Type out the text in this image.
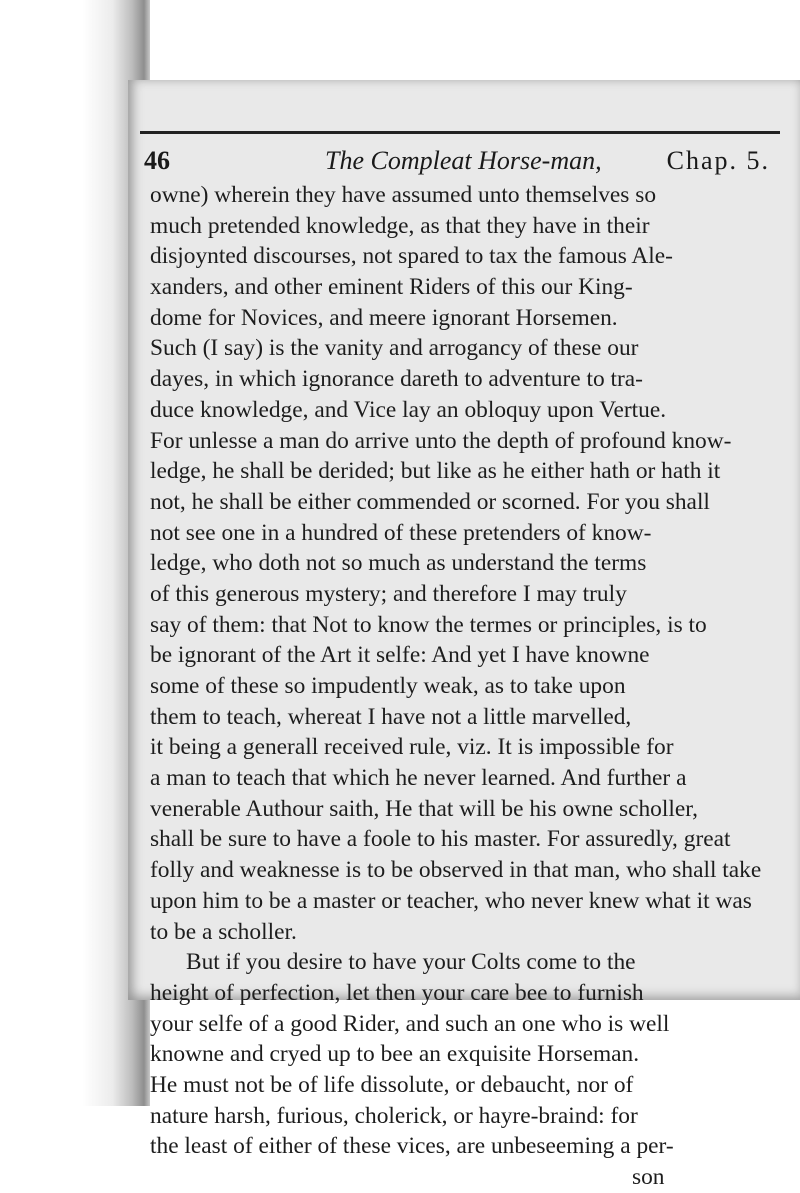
46	The Compleat Horse-man,	Chap. 5.
owne) wherein they have assumed unto themselves so
much pretended knowledge, as that they have in their
disjoynted discourses, not spared to tax the famous Ale-
xanders, and other eminent Riders of this our King-
dome for Novices, and meere ignorant Horsemen.
Such (I say) is the vanity and arrogancy of these our
dayes, in which ignorance dareth to adventure to tra-
duce knowledge, and Vice lay an obloquy upon Vertue.
For unlesse a man do arrive unto the depth of profound know-
ledge, he shall be derided; but like as he either hath or hath it
not, he shall be either commended or scorned. For you shall
not see one in a hundred of these pretenders of know-
ledge, who doth not so much as understand the terms
of this generous mystery; and therefore I may truly
say of them: that Not to know the termes or principles, is to
be ignorant of the Art it selfe: And yet I have knowne
some of these so impudently weak, as to take upon
them to teach, whereat I have not a little marvelled,
it being a generall received rule, viz. It is impossible for
a man to teach that which he never learned. And further a
venerable Authour saith, He that will be his owne scholler,
shall be sure to have a foole to his master. For assuredly, great
folly and weaknesse is to be observed in that man, who shall take
upon him to be a master or teacher, who never knew what it was
to be a scholler.
But if you desire to have your Colts come to the
height of perfection, let then your care bee to furnish
your selfe of a good Rider, and such an one who is well
knowne and cryed up to bee an exquisite Horseman.
He must not be of life dissolute, or debaucht, nor of
nature harsh, furious, cholerick, or hayre-braind: for
the least of either of these vices, are unbeseeming a per-
son
